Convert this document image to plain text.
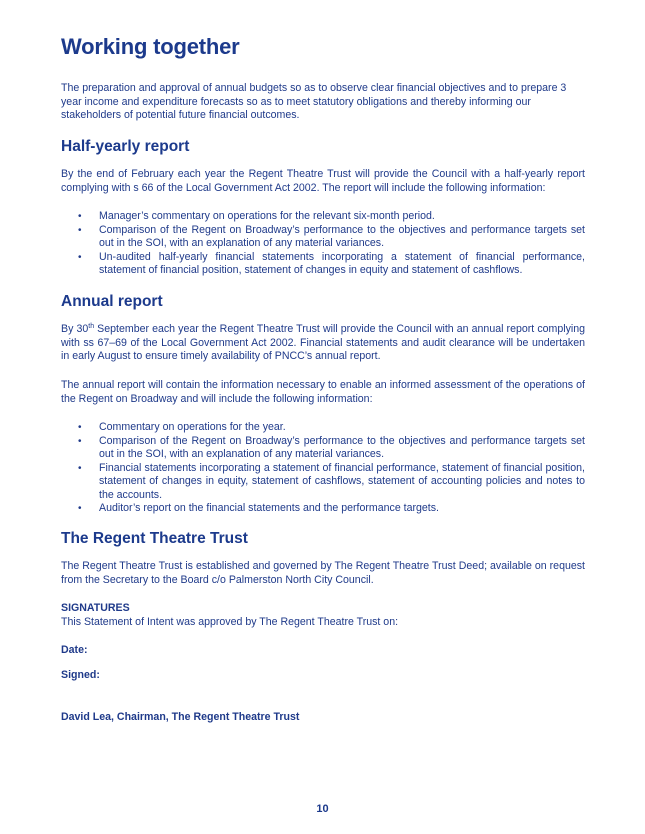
Working together

The preparation and approval of annual budgets so as to observe clear financial objectives and to prepare 3 year income and expenditure forecasts so as to meet statutory obligations and thereby informing our stakeholders of potential future financial outcomes.

Half-yearly report

By the end of February each year the Regent Theatre Trust will provide the Council with a half-yearly report complying with s 66 of the Local Government Act 2002. The report will include the following information:

• Manager’s commentary on operations for the relevant six-month period.
• Comparison of the Regent on Broadway’s performance to the objectives and performance targets set out in the SOI, with an explanation of any material variances.
• Un-audited half-yearly financial statements incorporating a statement of financial performance, statement of financial position, statement of changes in equity and statement of cashflows.
Annual report

By 30th September each year the Regent Theatre Trust will provide the Council with an annual report complying with ss 67–69 of the Local Government Act 2002. Financial statements and audit clearance will be undertaken in early August to ensure timely availability of PNCC’s annual report.

The annual report will contain the information necessary to enable an informed assessment of the operations of the Regent on Broadway and will include the following information:

• Commentary on operations for the year.
• Comparison of the Regent on Broadway’s performance to the objectives and performance targets set out in the SOI, with an explanation of any material variances.
• Financial statements incorporating a statement of financial performance, statement of financial position, statement of changes in equity, statement of cashflows, statement of accounting policies and notes to the accounts.
• Auditor’s report on the financial statements and the performance targets.
The Regent Theatre Trust

The Regent Theatre Trust is established and governed by The Regent Theatre Trust Deed; available on request from the Secretary to the Board c/o Palmerston North City Council.

SIGNATURES

This Statement of Intent was approved by The Regent Theatre Trust on:

Date:

Signed:

David Lea, Chairman, The Regent Theatre Trust

10
